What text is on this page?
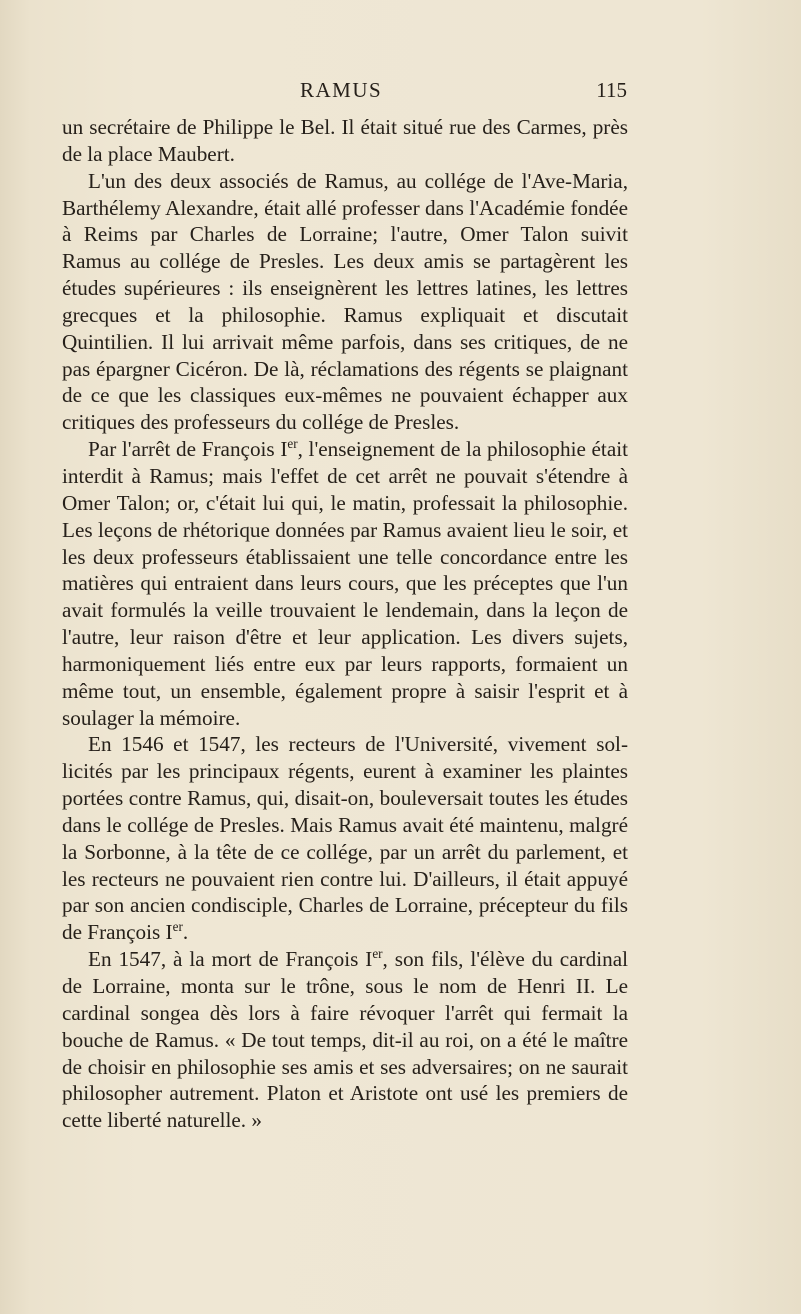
RAMUS	115

un secrétaire de Philippe le Bel. Il était situé rue des Carmes, près de la place Maubert.

L'un des deux associés de Ramus, au collége de l'Ave-Maria, Barthélemy Alexandre, était allé professer dans l'Académie fondée à Reims par Charles de Lorraine; l'autre, Omer Talon suivit Ramus au collége de Presles. Les deux amis se partagèrent les études supérieures : ils enseignèrent les lettres latines, les lettres grecques et la philosophie. Ramus expliquait et discutait Quintilien. Il lui arrivait même parfois, dans ses critiques, de ne pas épargner Cicéron. De là, réclamations des régents se plaignant de ce que les classiques eux-mêmes ne pouvaient échapper aux critiques des professeurs du collége de Presles.

Par l'arrêt de François Ier, l'enseignement de la philosophie était interdit à Ramus; mais l'effet de cet arrêt ne pouvait s'étendre à Omer Talon; or, c'était lui qui, le matin, professait la philosophie. Les leçons de rhétorique données par Ramus avaient lieu le soir, et les deux professeurs établissaient une telle concordance entre les matières qui entraient dans leurs cours, que les préceptes que l'un avait formulés la veille trouvaient le lendemain, dans la leçon de l'autre, leur raison d'être et leur application. Les divers sujets, harmoniquement liés entre eux par leurs rapports, formaient un même tout, un ensemble, également propre à saisir l'esprit et à soulager la mémoire.

En 1546 et 1547, les recteurs de l'Université, vivement sollicités par les principaux régents, eurent à examiner les plaintes portées contre Ramus, qui, disait-on, bouleversait toutes les études dans le collége de Presles. Mais Ramus avait été maintenu, malgré la Sorbonne, à la tête de ce collége, par un arrêt du parlement, et les recteurs ne pouvaient rien contre lui. D'ailleurs, il était appuyé par son ancien condisciple, Charles de Lorraine, précepteur du fils de François Ier.

En 1547, à la mort de François Ier, son fils, l'élève du cardinal de Lorraine, monta sur le trône, sous le nom de Henri II. Le cardinal songea dès lors à faire révoquer l'arrêt qui fermait la bouche de Ramus. « De tout temps, dit-il au roi, on a été le maître de choisir en philosophie ses amis et ses adversaires; on ne saurait philosopher autrement. Platon et Aristote ont usé les premiers de cette liberté naturelle. »
